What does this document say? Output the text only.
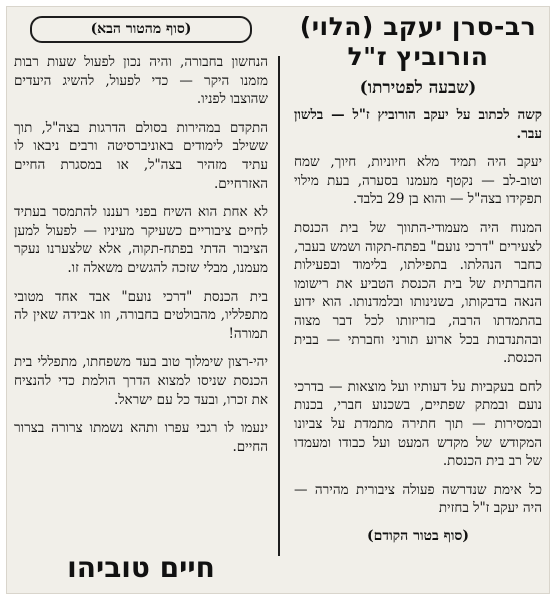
רב-סרן יעקב (הלוי)
הורוביץ ז"ל
(שבעה לפטירתו)

קשה לכתוב על יעקב הורוביץ ז"ל — בלשון עבר.

יעקב היה תמיד מלא חיוניות, חיוך, שמח וטוב-לב — נקטף מעמנו בסערה, בעת מילוי תפקידו בצה"ל — והוא בן 29 בלבד.

המנוח היה מעמודי-התווך של בית הכנסת לצעירים "דרכי נועם" בפתח-תקוה ושמש בעבר, כחבר הנהלתו. בתפילתו, בלימוד ובפעילות החברתית של בית הכנסת הטביע את רישומו הנאה בדבקותו, בשנינותו ובלמדנותו. הוא ידוע בהתמדתו הרבה, בזריזותו לכל דבר מצוה ובהתנדבות בכל ארוע תורני וחברתי — בבית הכנסת.

לחם בעקביות על דעותיו ועל מוצאות — בדרכי נועם ובמתק שפתיים, בשכנוע חברי, בכנות ובמסירות — תוך חתירה מתמדת על צביונו המקודש של מקדש המעט ועל כבודו ומעמדו של רב בית הכנסת.

כל אימת שנדרשה פעולה ציבורית מהירה — היה יעקב ז"ל בחזית

(סוף בטור הקודם)
(סוף מהטור הבא)

הנחשון בחבורה, והיה נכון לפעול שעות רבות מזמנו היקר — כדי לפעול, להשיג היעדים שהוצבו לפניו.

התקדם במהירות בסולם הדרגות בצה"ל, תוך ששילב לימודים באוניברסיטה ורבים ניבאו לו עתיד מזהיר בצה"ל, או במסגרת החיים האזרחיים.

לא אחת הוא השיח בפני רעננו להתמסר בעתיד לחיים ציבוריים כשעיקר מעיניו — לפעול למען הציבור הדתי בפתח-תקוה, אלא שלצערנו נעקר מעמנו, מבלי שזכה להגשים משאלה זו.

בית הכנסת "דרכי נועם" אבד אחד מטובי מתפלליו, מהבולטים בחבורה, וזו אבידה שאין לה תמורה!

יהי-רצון שימלוך טוב בעד משפחתו, מתפללי בית הכנסת שניסו למצוא הדרך הולמת כדי להנציח את זכרו, ובעד כל עם ישראל.

ינעמו לו רגבי עפרו ותהא נשמתו צרורה בצרור החיים.

חיים טוביהו
